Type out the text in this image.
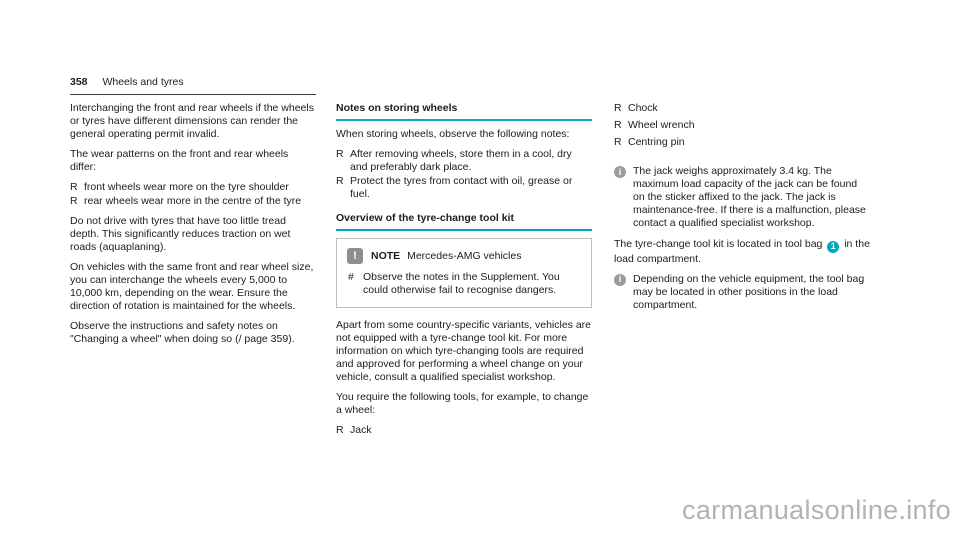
358 Wheels and tyres

Interchanging the front and rear wheels if the wheels or tyres have different dimensions can render the general operating permit invalid.

The wear patterns on the front and rear wheels differ:

R front wheels wear more on the tyre shoulder
R rear wheels wear more in the centre of the tyre

Do not drive with tyres that have too little tread depth. This significantly reduces traction on wet roads (aquaplaning).

On vehicles with the same front and rear wheel size, you can interchange the wheels every 5,000 to 10,000 km, depending on the wear. Ensure the direction of rotation is maintained for the wheels.

Observe the instructions and safety notes on "Changing a wheel" when doing so (/ page 359).

Notes on storing wheels

When storing wheels, observe the following notes:

R After removing wheels, store them in a cool, dry and preferably dark place.
R Protect the tyres from contact with oil, grease or fuel.
Overview of the tyre-change tool kit
!	NOTE Mercedes-AMG vehicles
# Observe the notes in the Supplement. You could otherwise fail to recognise dangers.

Apart from some country-specific variants, vehicles are not equipped with a tyre-change tool kit. For more information on which tyre-changing tools are required and approved for performing a wheel change on your vehicle, consult a qualified specialist workshop.

You require the following tools, for example, to change a wheel:

R Jack
R Chock
R Wheel wrench
R Centring pin
i	The jack weighs approximately 3.4 kg. The maximum load capacity of the jack can be found on the sticker affixed to the jack. The jack is maintenance-free. If there is a malfunction, please contact a qualified specialist workshop.

The tyre-change tool kit is located in tool bag 1 in the load compartment.

i	Depending on the vehicle equipment, the tool bag may be located in other positions in the load compartment.
carmanualsonline.info
